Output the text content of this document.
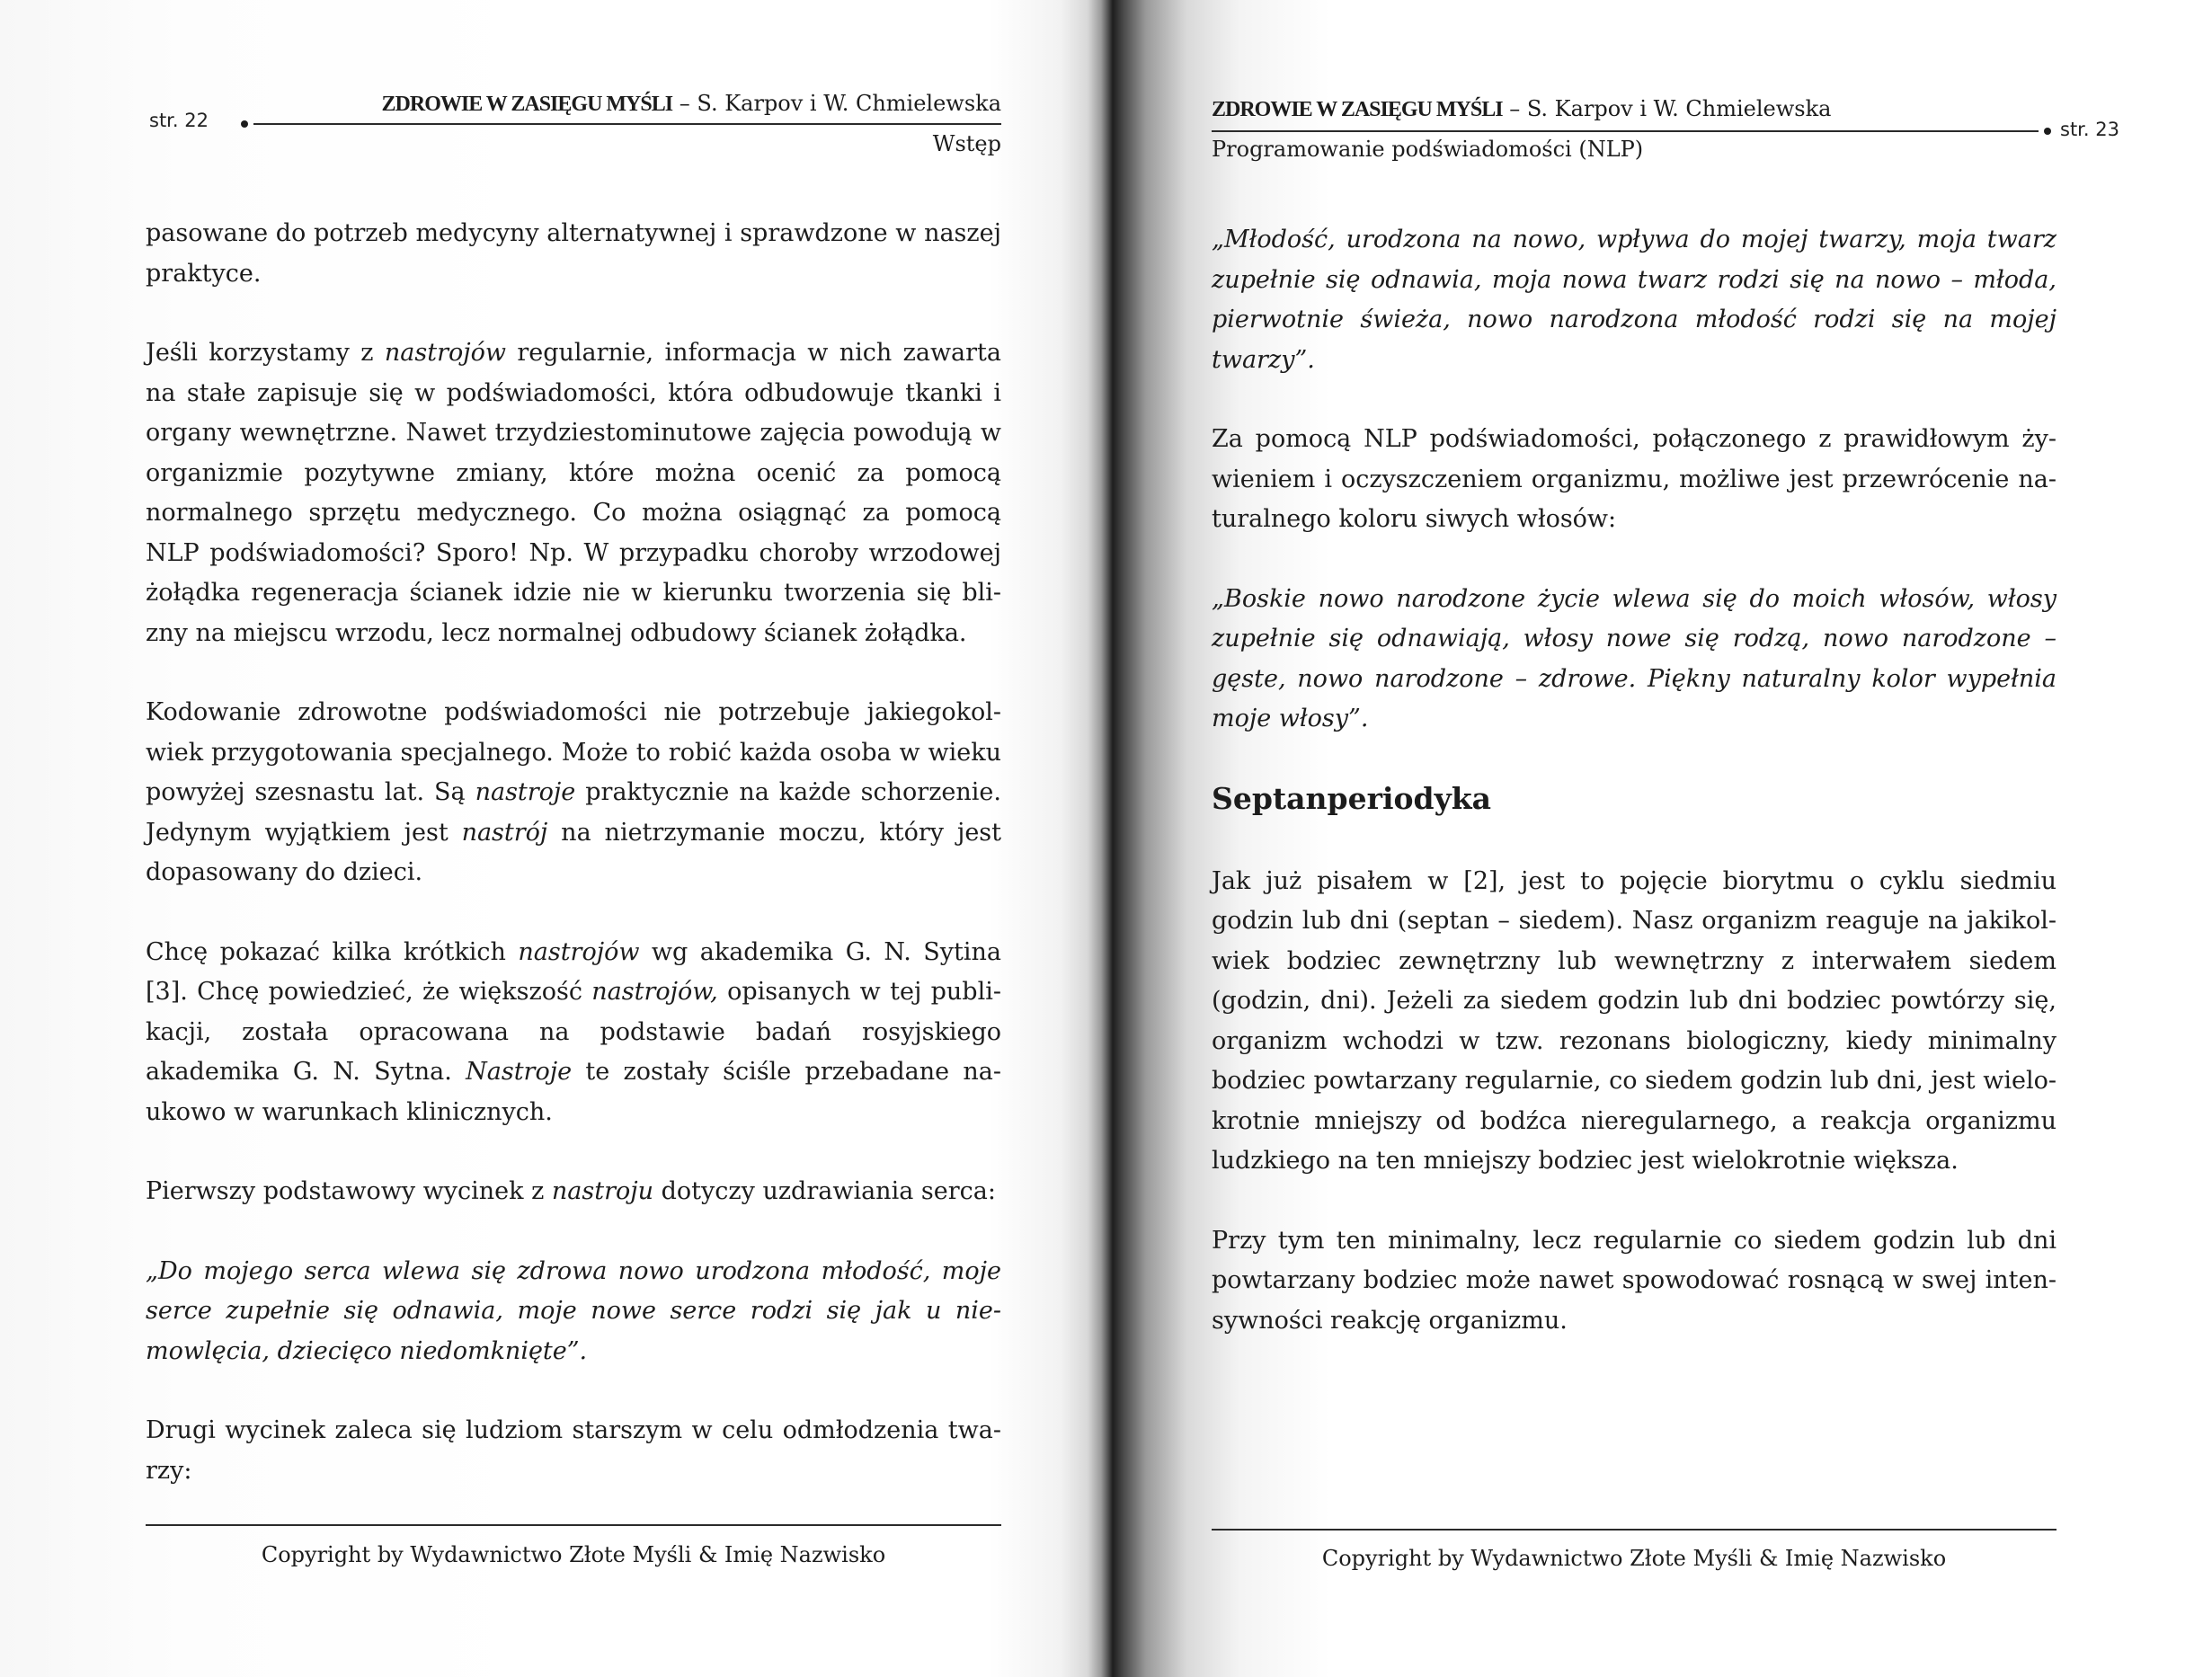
str. 22
ZDROWIE W ZASIĘGU MYŚLI – S. Karpov i W. Chmielewska
Wstęp

pasowane do potrzeb medycyny alternatywnej i sprawdzone w naszej praktyce.

Jeśli korzystamy z nastrojów regularnie, informacja w nich zawarta na stałe zapisuje się w podświadomości, która odbudowuje tkanki i organy wewnętrzne. Nawet trzydziestominutowe zajęcia powodują w organizmie pozytywne zmiany, które można ocenić za pomocą normalnego sprzętu medycznego. Co można osiągnąć za pomocą NLP podświadomości? Sporo! Np. W przypadku choroby wrzodowej żołądka regeneracja ścianek idzie nie w kierunku tworzenia się bli-zny na miejscu wrzodu, lecz normalnej odbudowy ścianek żołądka.

Kodowanie zdrowotne podświadomości nie potrzebuje jakiegokol-wiek przygotowania specjalnego. Może to robić każda osoba w wieku powyżej szesnastu lat. Są nastroje praktycznie na każde schorzenie. Jedynym wyjątkiem jest nastrój na nietrzymanie moczu, który jest dopasowany do dzieci.

Chcę pokazać kilka krótkich nastrojów wg akademika G. N. Sytina [3]. Chcę powiedzieć, że większość nastrojów, opisanych w tej publi-kacji, została opracowana na podstawie badań rosyjskiego akademika G. N. Sytna. Nastroje te zostały ściśle przebadane na-ukowo w warunkach klinicznych.

Pierwszy podstawowy wycinek z nastroju dotyczy uzdrawiania serca:

„Do mojego serca wlewa się zdrowa nowo urodzona młodość, moje serce zupełnie się odnawia, moje nowe serce rodzi się jak u nie-mowlęcia, dziecięco niedomknięte”.

Drugi wycinek zaleca się ludziom starszym w celu odmłodzenia twa-rzy:

Copyright by Wydawnictwo Złote Myśli & Imię Nazwisko
ZDROWIE W ZASIĘGU MYŚLI – S. Karpov i W. Chmielewska
str. 23
Programowanie podświadomości (NLP)

„Młodość, urodzona na nowo, wpływa do mojej twarzy, moja twarz zupełnie się odnawia, moja nowa twarz rodzi się na nowo – młoda, pierwotnie świeża, nowo narodzona młodość rodzi się na mojej twarzy”.

Za pomocą NLP podświadomości, połączonego z prawidłowym ży-wieniem i oczyszczeniem organizmu, możliwe jest przewrócenie na-turalnego koloru siwych włosów:

„Boskie nowo narodzone życie wlewa się do moich włosów, włosy zupełnie się odnawiają, włosy nowe się rodzą, nowo narodzone – gęste, nowo narodzone – zdrowe. Piękny naturalny kolor wypełnia moje włosy”.

Septanperiodyka

Jak już pisałem w [2], jest to pojęcie biorytmu o cyklu siedmiu godzin lub dni (septan – siedem). Nasz organizm reaguje na jakikol-wiek bodziec zewnętrzny lub wewnętrzny z interwałem siedem (godzin, dni). Jeżeli za siedem godzin lub dni bodziec powtórzy się, organizm wchodzi w tzw. rezonans biologiczny, kiedy minimalny bodziec powtarzany regularnie, co siedem godzin lub dni, jest wielo-krotnie mniejszy od bodźca nieregularnego, a reakcja organizmu ludzkiego na ten mniejszy bodziec jest wielokrotnie większa.

Przy tym ten minimalny, lecz regularnie co siedem godzin lub dni powtarzany bodziec może nawet spowodować rosnącą w swej inten-sywności reakcję organizmu.

Copyright by Wydawnictwo Złote Myśli & Imię Nazwisko
